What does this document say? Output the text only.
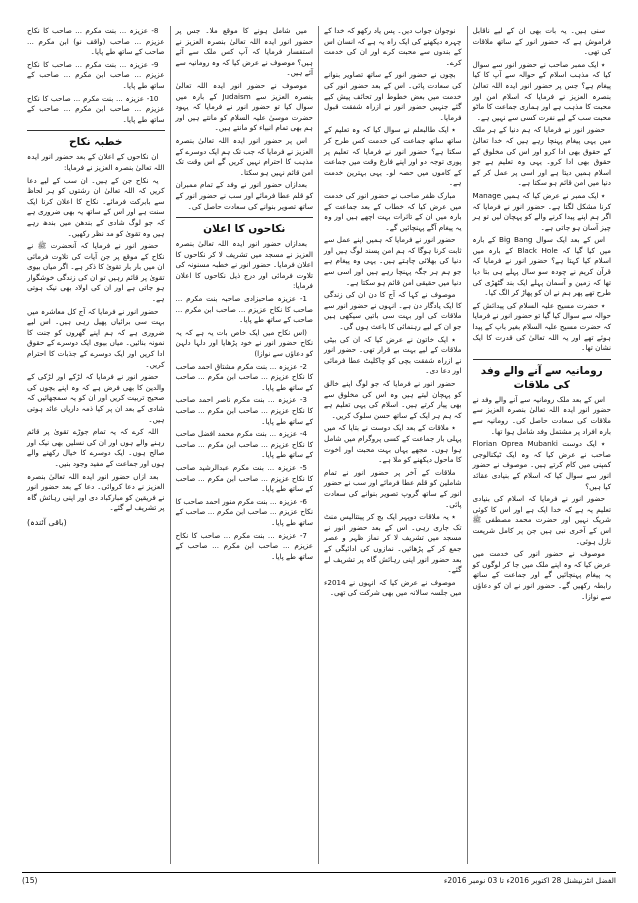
سنی ہیں۔ یہ بات بھی ان کے لیے ناقابل فراموش ہے کہ حضور انور کے ساتھ ملاقات کی تھی۔

٭ ایک ممبر صاحب نے حضور انور سے سوال کیا کہ مذہب اسلام کے حوالہ سے آپ کا کیا پیغام ہے؟ جس پر حضور انور ایدہ اللہ تعالیٰ بنصرہ العزیز نے فرمایا کہ اسلام امن اور محبت کا مذہب ہے اور ہماری جماعت کا ماٹو محبت سب کے لیے نفرت کسی سے نہیں ہے۔

حضور انور نے فرمایا کہ ہم دنیا کے ہر ملک میں یہی پیغام پہنچا رہے ہیں کہ خدا تعالیٰ کے حقوق بھی ادا کرو اور اس کی مخلوق کے حقوق بھی ادا کرو۔ یہی وہ تعلیم ہے جو اسلام ہمیں دیتا ہے اور اسی پر عمل کر کے دنیا میں امن قائم ہو سکتا ہے۔

٭ ایک ممبر نے عرض کیا کہ ہمیں Manage کرنا مشکل لگتا ہے۔ حضور انور نے فرمایا کہ اگر ہم اپنے پیدا کرنے والے کو پہچان لیں تو ہر چیز آسان ہو جاتی ہے۔

اس کے بعد ایک سوال Big Bang کے بارہ میں کیا گیا کہ Black Hole کے بارہ میں اسلام کیا کہتا ہے؟ حضور انور نے فرمایا کہ قرآن کریم نے چودہ سو سال پہلے ہی بتا دیا تھا کہ زمین و آسمان پہلے ایک بند گٹھڑی کی طرح تھے پھر ہم نے ان کو پھاڑ کر الگ کیا۔

٭ حضرت مسیح علیہ السلام کی پیدائش کے حوالہ سے سوال کیا گیا تو حضور انور نے فرمایا کہ حضرت مسیح علیہ السلام بغیر باپ کے پیدا ہوئے تھے اور یہ اللہ تعالیٰ کی قدرت کا ایک نشان تھا۔

رومانیہ سے آنے والے وفد کی ملاقات

اس کے بعد ملک رومانیہ سے آنے والے وفد نے حضور انور ایدہ اللہ تعالیٰ بنصرہ العزیز سے ملاقات کی سعادت حاصل کی۔ رومانیہ سے بارہ افراد پر مشتمل وفد شامل ہوا تھا۔

٭ ایک دوست Florian Oprea Mubanki صاحب نے عرض کیا کہ وہ ایک ٹیکنالوجی کمپنی میں کام کرتے ہیں۔ موصوف نے حضور انور سے سوال کیا کہ اسلام کے بنیادی عقائد کیا ہیں؟

حضور انور نے فرمایا کہ اسلام کی بنیادی تعلیم یہ ہے کہ خدا ایک ہے اور اس کا کوئی شریک نہیں اور حضرت محمد مصطفی ﷺ اس کے آخری نبی ہیں جن پر کامل شریعت نازل ہوئی۔

موصوف نے حضور انور کی خدمت میں عرض کیا کہ وہ اپنے ملک میں جا کر لوگوں کو یہ پیغام پہنچائیں گے اور جماعت کے ساتھ رابطہ رکھیں گے۔ حضور انور نے ان کو دعاؤں سے نوازا۔

نوجوان جواب دیں۔ پس یاد رکھو کہ خدا کے چہرہ دیکھنے کی ایک راہ یہ ہے کہ انسان اس کے بندوں سے محبت کرے اور ان کی خدمت کرے۔

بچوں نے حضور انور کے ساتھ تصاویر بنوانے کی سعادت پائی۔ اس کے بعد حضور انور کی خدمت میں بعض خطوط اور تحائف پیش کیے گئے جنہیں حضور انور نے ازراہ شفقت قبول فرمایا۔

٭ ایک طالبعلم نے سوال کیا کہ وہ تعلیم کے ساتھ ساتھ جماعت کی خدمت کس طرح کر سکتا ہے؟ حضور انور نے فرمایا کہ تعلیم پر پوری توجہ دو اور اپنے فارغ وقت میں جماعت کے کاموں میں حصہ لو۔ یہی بہترین خدمت ہے۔

مبارک ظفر صاحب نے حضور انور کی خدمت میں عرض کیا کہ خطاب کے بعد جماعت کے بارہ میں ان کے تاثرات بہت اچھے ہیں اور وہ یہ پیغام آگے پہنچائیں گے۔

حضور انور نے فرمایا کہ ہمیں اپنے عمل سے ثابت کرنا ہوگا کہ ہم امن پسند لوگ ہیں اور دنیا کی بھلائی چاہتے ہیں۔ یہی وہ پیغام ہے جو ہم ہر جگہ پہنچا رہے ہیں اور اسی سے دنیا میں حقیقی امن قائم ہو سکتا ہے۔

موصوف نے کہا کہ آج کا دن ان کی زندگی کا ایک یادگار دن ہے۔ انہوں نے حضور انور سے ملاقات کی اور بہت سی باتیں سیکھی ہیں جو ان کے لیے رہنمائی کا باعث ہوں گی۔

٭ ایک خاتون نے عرض کیا کہ ان کی بیٹی ملاقات کے لیے بہت بے قرار تھی۔ حضور انور نے ازراہ شفقت بچی کو چاکلیٹ عطا فرمائی اور دعا دی۔

حضور انور نے فرمایا کہ جو لوگ اپنے خالق کو پہچان لیتے ہیں وہ اس کی مخلوق سے بھی پیار کرتے ہیں۔ اسلام کی یہی تعلیم ہے کہ ہم ہر ایک کے ساتھ حسن سلوک کریں۔

٭ ملاقات کے بعد ایک دوست نے بتایا کہ میں پہلی بار جماعت کے کسی پروگرام میں شامل ہوا ہوں۔ مجھے یہاں بہت محبت اور اخوت کا ماحول دیکھنے کو ملا ہے۔

ملاقات کے آخر پر حضور انور نے تمام شاملین کو قلم عطا فرمائے اور سب نے حضور انور کے ساتھ گروپ تصویر بنوانے کی سعادت پائی۔

٭ یہ ملاقات دوپہر ایک بج کر پینتالیس منٹ تک جاری رہی۔ اس کے بعد حضور انور نے مسجد میں تشریف لا کر نماز ظہر و عصر جمع کر کے پڑھائیں۔ نمازوں کی ادائیگی کے بعد حضور انور اپنی رہائش گاہ پر تشریف لے گئے۔

موصوف نے عرض کیا کہ انہوں نے 2014ء میں جلسہ سالانہ میں بھی شرکت کی تھی۔

میں شامل ہونے کا موقع ملا۔ جس پر حضور انور ایدہ اللہ تعالیٰ بنصرہ العزیز نے استفسار فرمایا کہ آپ کس ملک سے آئے ہیں؟ موصوف نے عرض کیا کہ وہ رومانیہ سے آئے ہیں۔

موصوف نے حضور انور ایدہ اللہ تعالیٰ بنصرہ العزیز سے Judaism کے بارہ میں سوال کیا تو حضور انور نے فرمایا کہ یہود حضرت موسیٰ علیہ السلام کو مانتے ہیں اور ہم بھی تمام انبیاء کو مانتے ہیں۔

اس پر حضور انور ایدہ اللہ تعالیٰ بنصرہ العزیز نے فرمایا کہ جب تک ہم ایک دوسرے کے مذہب کا احترام نہیں کریں گے اس وقت تک امن قائم نہیں ہو سکتا۔

بعدازاں حضور انور نے وفد کے تمام ممبران کو قلم عطا فرمائے اور سب نے حضور انور کے ساتھ تصویر بنوانے کی سعادت حاصل کی۔

نکاحوں کا اعلان

بعدازاں حضور انور ایدہ اللہ تعالیٰ بنصرہ العزیز نے مسجد میں تشریف لا کر نکاحوں کا اعلان فرمایا۔ حضور انور نے خطبہ مسنونہ کی تلاوت فرمائی اور درج ذیل نکاحوں کا اعلان فرمایا:

1- عزیزہ صاحبزادی صاحبہ بنت مکرم ... صاحب کا نکاح عزیزم ... صاحب ابن مکرم ... صاحب کے ساتھ طے پایا۔

(اس نکاح میں ایک خاص بات یہ ہے کہ یہ نکاح حضور انور نے خود پڑھایا اور دلہا دلہن کو دعاؤں سے نوازا)

2- عزیزہ ... بنت مکرم مشتاق احمد صاحب کا نکاح عزیزم ... صاحب ابن مکرم ... صاحب کے ساتھ طے پایا۔

3- عزیزہ ... بنت مکرم ناصر احمد صاحب کا نکاح عزیزم ... صاحب ابن مکرم ... صاحب کے ساتھ طے پایا۔

4- عزیزہ ... بنت مکرم محمد افضل صاحب کا نکاح عزیزم ... صاحب ابن مکرم ... صاحب کے ساتھ طے پایا۔

5- عزیزہ ... بنت مکرم عبدالرشید صاحب کا نکاح عزیزم ... صاحب ابن مکرم ... صاحب کے ساتھ طے پایا۔

6- عزیزہ ... بنت مکرم منور احمد صاحب کا نکاح عزیزم ... صاحب ابن مکرم ... صاحب کے ساتھ طے پایا۔

7- عزیزہ ... بنت مکرم ... صاحب کا نکاح عزیزم ... صاحب ابن مکرم ... صاحب کے ساتھ طے پایا۔

8- عزیزہ ... بنت مکرم ... صاحب کا نکاح عزیزم ... صاحب (واقف نو) ابن مکرم ... صاحب کے ساتھ طے پایا۔

9- عزیزہ ... بنت مکرم ... صاحب کا نکاح عزیزم ... صاحب ابن مکرم ... صاحب کے ساتھ طے پایا۔

10- عزیزہ ... بنت مکرم ... صاحب کا نکاح عزیزم ... صاحب ابن مکرم ... صاحب کے ساتھ طے پایا۔

خطبہ نکاح

ان نکاحوں کے اعلان کے بعد حضور انور ایدہ اللہ تعالیٰ بنصرہ العزیز نے فرمایا:

یہ نکاح جن کے ہیں۔ ان سب کے لیے دعا کریں کہ اللہ تعالیٰ ان رشتوں کو ہر لحاظ سے بابرکت فرمائے۔ نکاح کا اعلان کرنا ایک سنت ہے اور اس کے ساتھ یہ بھی ضروری ہے کہ جو لوگ شادی کے بندھن میں بندھ رہے ہیں وہ تقویٰ کو مد نظر رکھیں۔

حضور انور نے فرمایا کہ آنحضرت ﷺ نے نکاح کے موقع پر جن آیات کی تلاوت فرمائی ان میں بار بار تقویٰ کا ذکر ہے۔ اگر میاں بیوی تقویٰ پر قائم رہیں تو ان کی زندگی خوشگوار ہو جاتی ہے اور ان کی اولاد بھی نیک ہوتی ہے۔

حضور انور نے فرمایا کہ آج کل معاشرہ میں بہت سی برائیاں پھیل رہی ہیں۔ اس لیے ضروری ہے کہ ہم اپنے گھروں کو جنت کا نمونہ بنائیں۔ میاں بیوی ایک دوسرے کے حقوق ادا کریں اور ایک دوسرے کے جذبات کا احترام کریں۔

حضور انور نے فرمایا کہ لڑکے اور لڑکی کے والدین کا بھی فرض ہے کہ وہ اپنے بچوں کی صحیح تربیت کریں اور ان کو یہ سمجھائیں کہ شادی کے بعد ان پر کیا ذمہ داریاں عائد ہوتی ہیں۔

اللہ کرے کہ یہ تمام جوڑے تقویٰ پر قائم رہنے والے ہوں اور ان کی نسلیں بھی نیک اور صالح ہوں۔ ایک دوسرے کا خیال رکھنے والے ہوں اور جماعت کے مفید وجود بنیں۔

بعد ازاں حضور انور ایدہ اللہ تعالیٰ بنصرہ العزیز نے دعا کروائی۔ دعا کے بعد حضور انور نے فریقین کو مبارکباد دی اور اپنی رہائش گاہ پر تشریف لے گئے۔

(باقی آئندہ)
(15)	الفضل انٹرنیشنل 28 اکتوبر 2016ء تا 03 نومبر 2016ء
